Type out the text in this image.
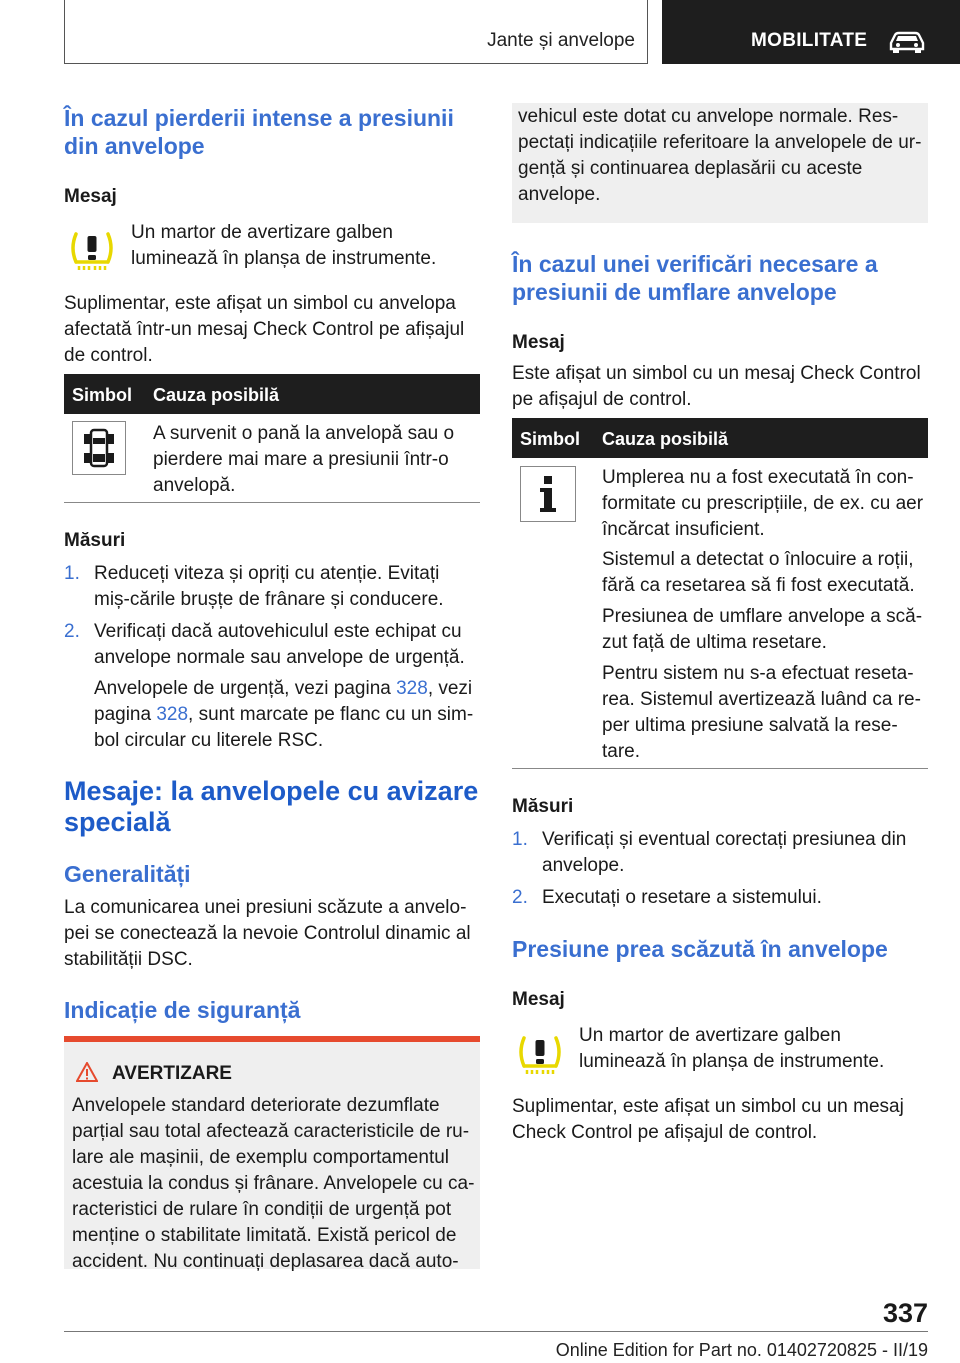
Jante și anvelope	MOBILITATE
În cazul pierderii intense a presiunii din anvelope
Mesaj

Un martor de avertizare galben luminează în planșa de instrumente.

Suplimentar, este afișat un simbol cu anvelopa afectată într-un mesaj Check Control pe afișajul de control.

Simbol Cauza posibilă

A survenit o pană la anvelopă sau o pierdere mai mare a presiunii într-o anvelopă.

Măsuri
1. Reduceți viteza și opriți cu atenție. Evitați miș-cările brușțe de frânare și conducere.
2. Verificați dacă autovehiculul este echipat cu anvelope normale sau anvelope de urgență.

Anvelopele de urgență, vezi pagina 328, vezi pagina 328, sunt marcate pe flanc cu un sim-bol circular cu literele RSC.

Mesaje: la anvelopele cu avizare specială
Generalități

La comunicarea unei presiuni scăzute a anvelo-pei se conectează la nevoie Controlul dinamic al stabilității DSC.

Indicație de siguranță
AVERTIZARE

Anvelopele standard deteriorate dezumflate parțial sau total afectează caracteristicile de ru-lare ale mașinii, de exemplu comportamentul acestuia la condus și frânare. Anvelopele cu ca-racteristici de rulare în condiții de urgență pot menține o stabilitate limitată. Există pericol de accident. Nu continuați deplasarea dacă auto-

vehicul este dotat cu anvelope normale. Res-pectați indicațiile referitoare la anvelopele de ur-gență și continuarea deplasării cu aceste anvelope.

În cazul unei verificări necesare a presiunii de umflare anvelope
Mesaj

Este afișat un simbol cu un mesaj Check Control pe afișajul de control.

Simbol Cauza posibilă

Umplerea nu a fost executată în con-formitate cu prescripțiile, de ex. cu aer încărcat insuficient.

Sistemul a detectat o înlocuire a roții, fără ca resetarea să fi fost executată.

Presiunea de umflare anvelope a scă-zut față de ultima resetare.

Pentru sistem nu s-a efectuat reseta-rea. Sistemul avertizează luând ca re-per ultima presiune salvată la rese-tare.

Măsuri
1. Verificați și eventual corectați presiunea din anvelope.
2. Executați o resetare a sistemului.
Presiune prea scăzută în anvelope
Mesaj

Un martor de avertizare galben luminează în planșa de instrumente.

Suplimentar, este afișat un simbol cu un mesaj Check Control pe afișajul de control.

337
Online Edition for Part no. 01402720825 - II/19
